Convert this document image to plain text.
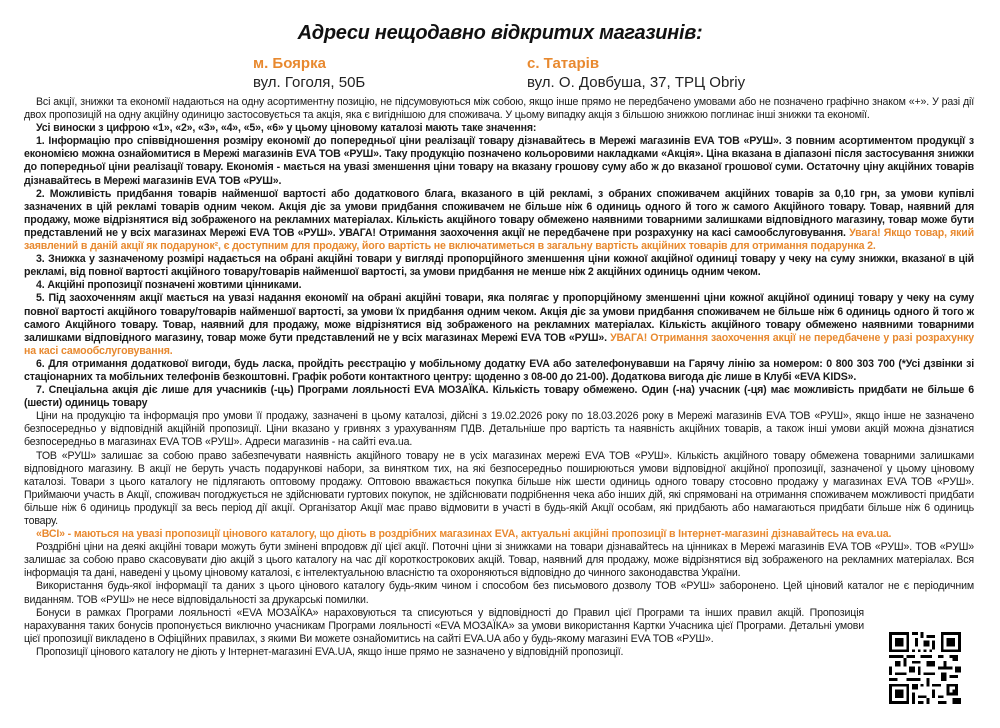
Адреси нещодавно відкритих магазинів:
м. Боярка
вул. Гоголя, 50Б
с. Татарів
вул. О. Довбуша, 37, ТРЦ Obriy

Всі акції, знижки та економії надаються на одну асортиментну позицію, не підсумовуються між собою, якщо інше прямо не передбачено умовами або не позначено графічно знаком «+». У разі дії двох пропозицій на одну акційну одиницю застосовується та акція, яка є вигіднішою для споживача. У цьому випадку акція з більшою знижкою поглинає інші знижки та економії.

Усі виноски з цифрою «1», «2», «3», «4», «5», «6» у цьому ціновому каталозі мають таке значення:

1. Інформацію про співвідношення розміру економії до попередньої ціни реалізації товару дізнавайтесь в Мережі магазинів EVA ТОВ «РУШ». З повним асортиментом продукції з економією можна ознайомитися в Мережі магазинів EVA ТОВ «РУШ». Таку продукцію позначено кольоровими накладками «Акція». Ціна вказана в діапазоні після застосування знижки до попередньої ціни реалізації товару. Економія - мається на увазі зменшення ціни товару на вказану грошову суму або ж до вказаної грошової суми. Остаточну ціну акційних товарів дізнавайтесь в Мережі магазинів EVA ТОВ «РУШ».

2. Можливість придбання товарів найменшої вартості або додаткового блага, вказаного в цій рекламі, з обраних споживачем акційних товарів за 0,10 грн, за умови купівлі зазначених в цій рекламі товарів одним чеком. Акція діє за умови придбання споживачем не більше ніж 6 одиниць одного й того ж самого Акційного товару. Товар, наявний для продажу, може відрізнятися від зображеного на рекламних матеріалах. Кількість акційного товару обмежено наявними товарними залишками відповідного магазину, товар може бути представлений не у всіх магазинах Мережі EVA ТОВ «РУШ». УВАГА! Отримання заохочення акції не передбачене при розрахунку на касі самообслуговування. Увага! Якщо товар, який заявлений в даній акції як подарунок², є доступним для продажу, його вартість не включатиметься в загальну вартість акційних товарів для отримання подарунка 2.

3. Знижка у зазначеному розмірі надається на обрані акційні товари у вигляді пропорційного зменшення ціни кожної акційної одиниці товару у чеку на суму знижки, вказаної в цій рекламі, від повної вартості акційного товару/товарів найменшої вартості, за умови придбання не менше ніж 2 акційних одиниць одним чеком.

4. Акційні пропозиції позначені жовтими цінниками.

5. Під заохоченням акції мається на увазі надання економії на обрані акційні товари, яка полягає у пропорційному зменшенні ціни кожної акційної одиниці товару у чеку на суму повної вартості акційного товару/товарів найменшої вартості, за умови їх придбання одним чеком. Акція діє за умови придбання споживачем не більше ніж 6 одиниць одного й того ж самого Акційного товару. Товар, наявний для продажу, може відрізнятися від зображеного на рекламних матеріалах. Кількість акційного товару обмежено наявними товарними залишками відповідного магазину, товар може бути представлений не у всіх магазинах Мережі EVA ТОВ «РУШ». УВАГА! Отримання заохочення акції не передбачене у разі розрахунку на касі самообслуговування.

6. Для отримання додаткової вигоди, будь ласка, пройдіть реєстрацію у мобільному додатку EVA або зателефонувавши на Гарячу лінію за номером: 0 800 303 700 (*Усі дзвінки зі стаціонарних та мобільних телефонів безкоштовні. Графік роботи контактного центру: щоденно з 08-00 до 21-00). Додаткова вигода діє лише в Клубі «EVA KIDS».

7. Спеціальна акція діє лише для учасників (-ць) Програми лояльності EVA МОЗАЇКА. Кількість товару обмежено. Один (-на) учасник (-ця) має можливість придбати не більше 6 (шести) одиниць товару

Ціни на продукцію та інформація про умови її продажу, зазначені в цьому каталозі, дійсні з 19.02.2026 року по 18.03.2026 року в Мережі магазинів EVA ТОВ «РУШ», якщо інше не зазначено безпосередньо у відповідній акційній пропозиції. Ціни вказано у гривнях з урахуванням ПДВ. Детальніше про вартість та наявність акційних товарів, а також інші умови акцій можна дізнатися безпосередньо в магазинах EVA ТОВ «РУШ». Адреси магазинів - на сайті eva.ua.

ТОВ «РУШ» залишає за собою право забезпечувати наявність акційного товару не в усіх магазинах мережі EVA ТОВ «РУШ». Кількість акційного товару обмежена товарними залишками відповідного магазину. В акції не беруть участь подарункові набори, за винятком тих, на які безпосередньо поширюються умови відповідної акційної пропозиції, зазначеної у цьому ціновому каталозі. Товари з цього каталогу не підлягають оптовому продажу. Оптовою вважається покупка більше ніж шести одиниць одного товару стосовно продажу у магазинах EVA ТОВ «РУШ». Приймаючи участь в Акції, споживач погоджується не здійснювати гуртових покупок, не здійснювати подрібнення чека або інших дій, які спрямовані на отримання споживачем можливості придбати більше ніж 6 одиниць продукції за весь період дії акції. Організатор Акції має право відмовити в участі в будь-якій Акції особам, які придбають або намагаються придбати більше ніж 6 одиниць товару.

«ВСІ» - маються на увазі пропозиції цінового каталогу, що діють в роздрібних магазинах EVA, актуальні акційні пропозиції в Інтернет-магазині дізнавайтесь на eva.ua.

Роздрібні ціни на деякі акційні товари можуть бути змінені впродовж дії цієї акції. Поточні ціни зі знижками на товари дізнавайтесь на цінниках в Мережі магазинів EVA ТОВ «РУШ». ТОВ «РУШ» залишає за собою право скасовувати дію акцій з цього каталогу на час дії короткострокових акцій. Товар, наявний для продажу, може відрізнятися від зображеного на рекламних матеріалах. Вся інформація та дані, наведені у цьому ціновому каталозі, є інтелектуальною власністю та охороняються відповідно до чинного законодавства України.

Використання будь-якої інформації та даних з цього цінового каталогу будь-яким чином і способом без письмового дозволу ТОВ «РУШ» заборонено. Цей ціновий каталог не є періодичним виданням. ТОВ «РУШ» не несе відповідальності за друкарські помилки.

Бонуси в рамках Програми лояльності «EVA МОЗАЇКА» нараховуються та списуються у відповідності до Правил цієї Програми та інших правил акцій. Пропозиція нарахування таких бонусів пропонується виключно учасникам Програми лояльності «EVA МОЗАЇКА» за умови використання Картки Учасника цієї Програми. Детальні умови цієї пропозиції викладено в Офіційних правилах, з якими Ви можете ознайомитись на сайті EVA.UA або у будь-якому магазині EVA ТОВ «РУШ».

Пропозиції цінового каталогу не діють у Інтернет-магазині EVA.UA, якщо інше прямо не зазначено у відповідній пропозиції.
